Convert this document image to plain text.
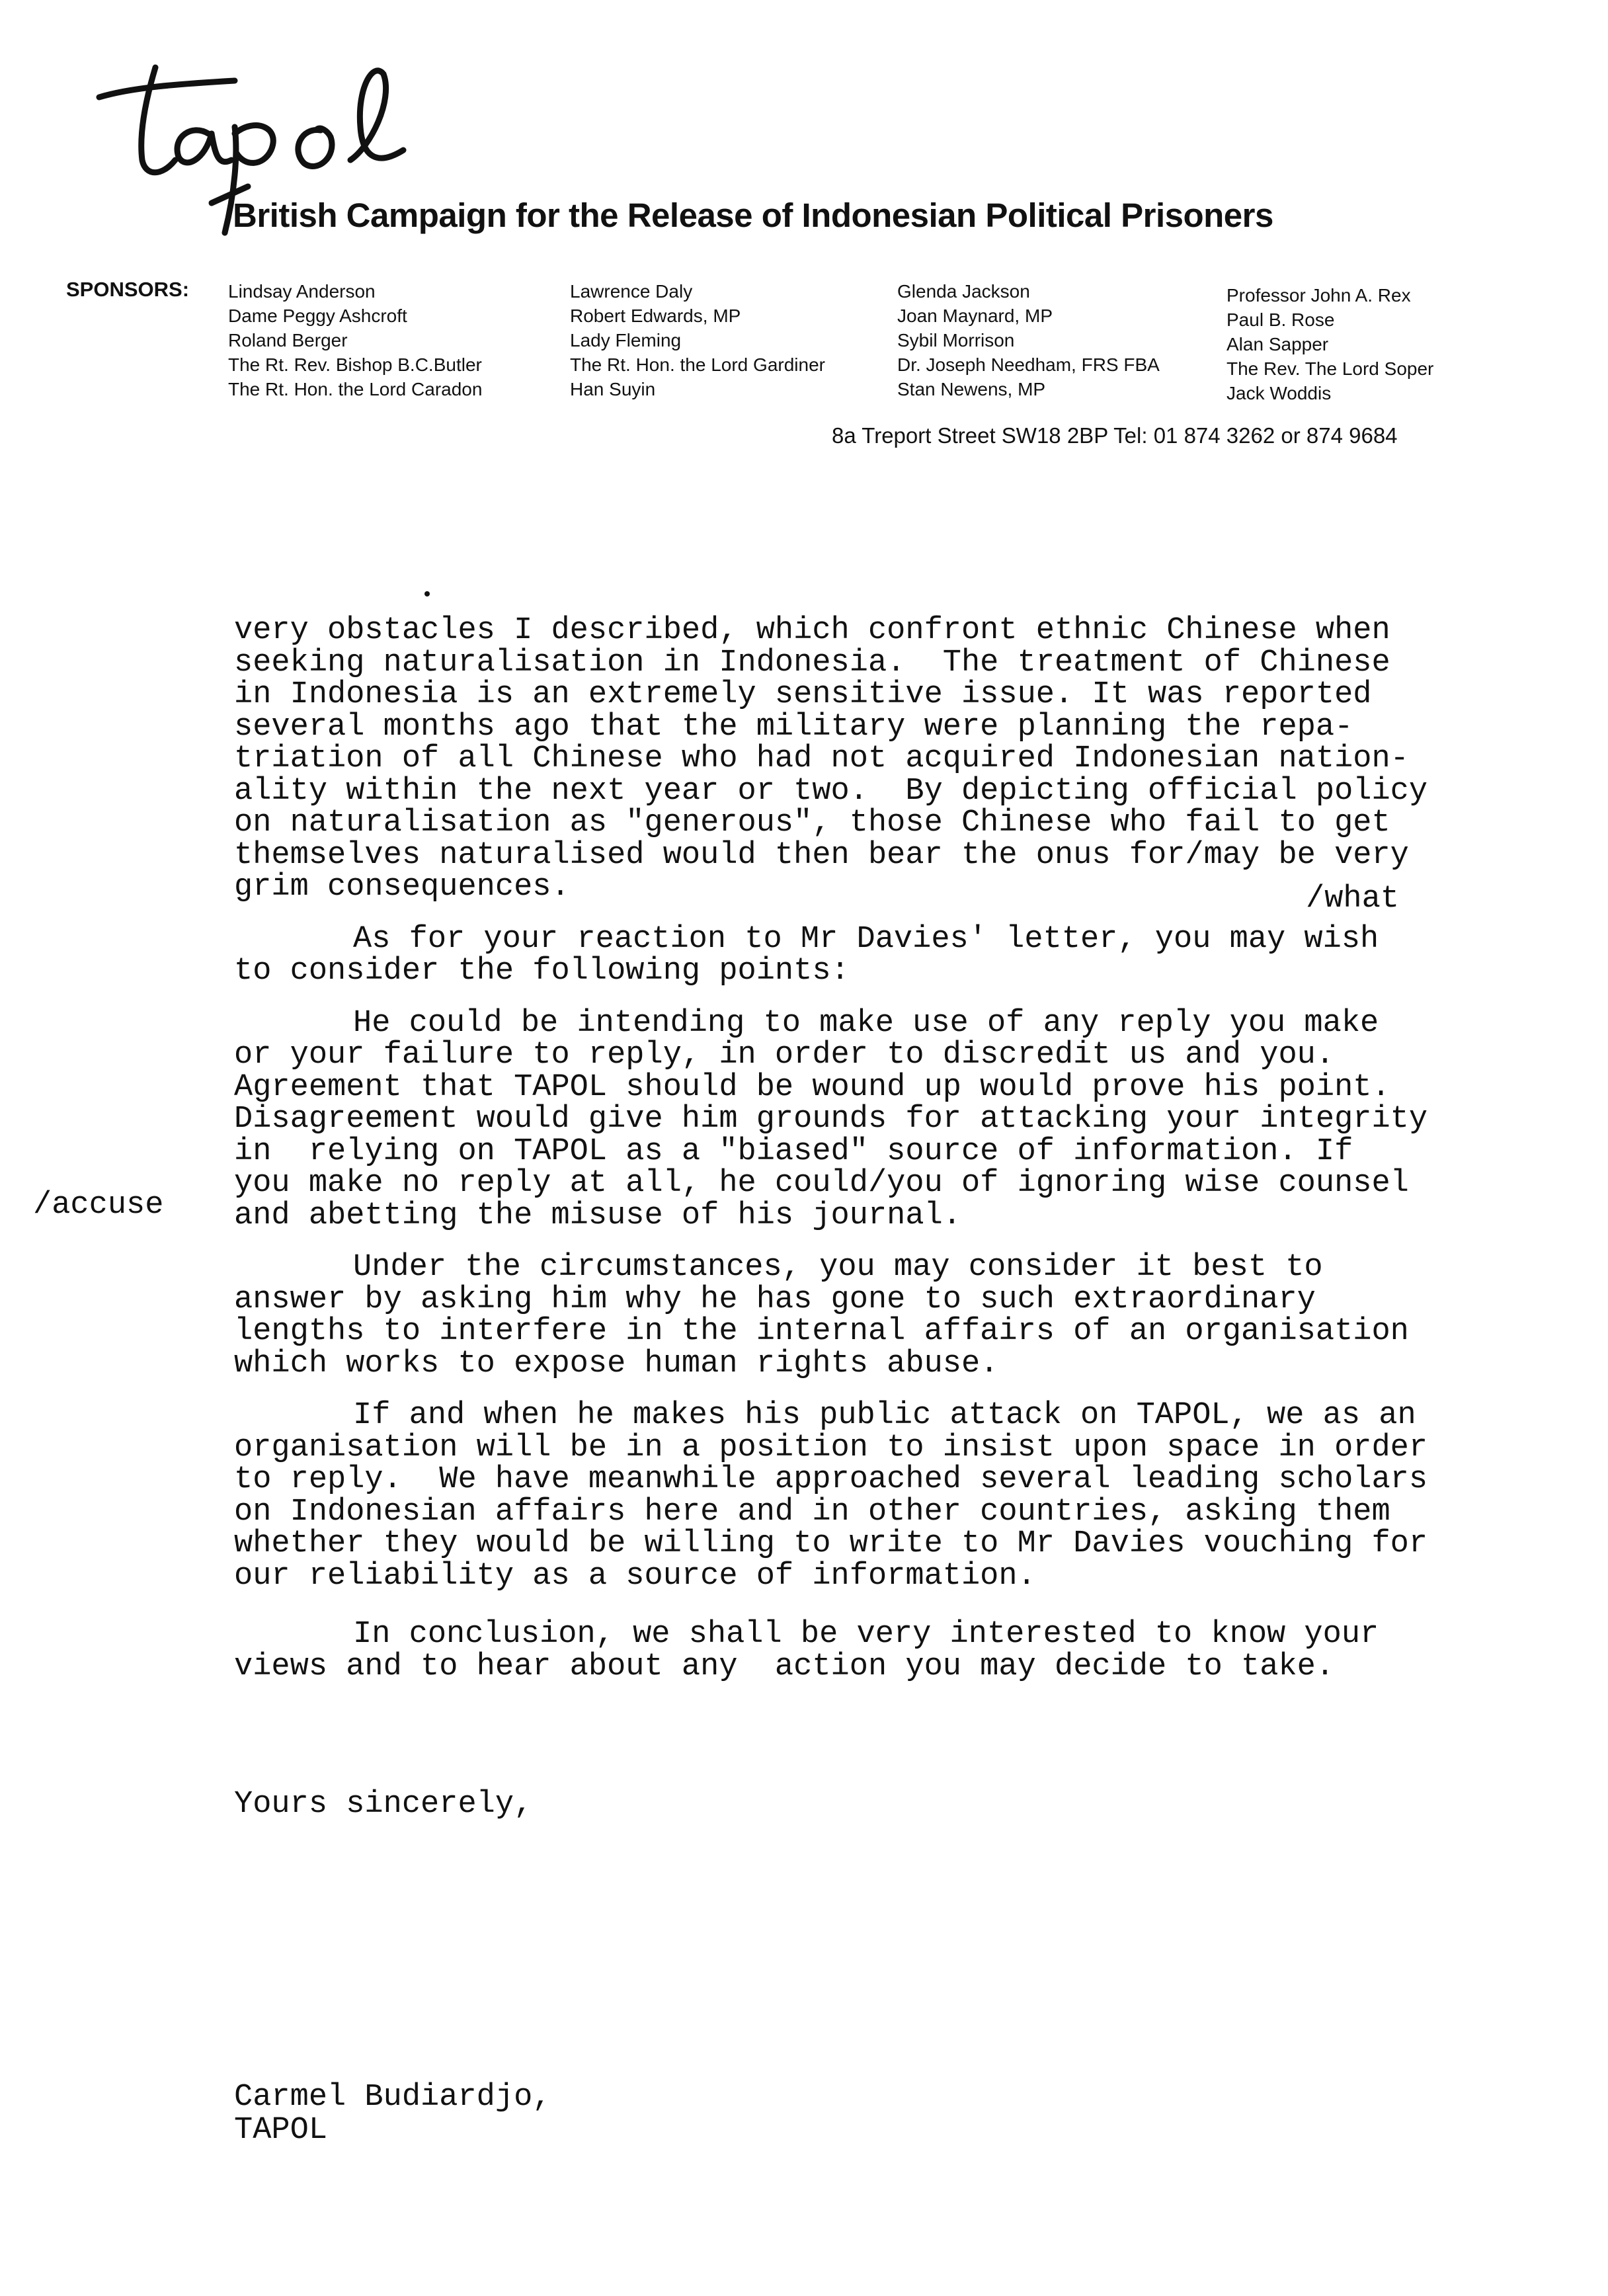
British Campaign for the Release of Indonesian Political Prisoners
SPONSORS: Lindsay Anderson
Dame Peggy Ashcroft
Roland Berger
The Rt. Rev. Bishop B.C.Butler
The Rt. Hon. the Lord Caradon
Lawrence Daly
Robert Edwards, MP
Lady Fleming
The Rt. Hon. the Lord Gardiner
Han Suyin
Glenda Jackson
Joan Maynard, MP
Sybil Morrison
Dr. Joseph Needham, FRS FBA
Stan Newens, MP
Professor John A. Rex
Paul B. Rose
Alan Sapper
The Rev. The Lord Soper
Jack Woddis
8a Treport Street SW18 2BP Tel: 01 874 3262 or 874 9684
very obstacles I described, which confront ethnic Chinese when
seeking naturalisation in Indonesia.  The treatment of Chinese
in Indonesia is an extremely sensitive issue. It was reported
several months ago that the military were planning the repa-
triation of all Chinese who had not acquired Indonesian nation-
ality within the next year or two.  By depicting official policy
on naturalisation as "generous", those Chinese who fail to get
themselves naturalised would then bear the onus for/may be very
grim consequences.
As for your reaction to Mr Davies' letter, you may wish
to consider the following points:
He could be intending to make use of any reply you make
or your failure to reply, in order to discredit us and you.
Agreement that TAPOL should be wound up would prove his point.
Disagreement would give him grounds for attacking your integrity
in  relying on TAPOL as a "biased" source of information. If
you make no reply at all, he could/you of ignoring wise counsel
and abetting the misuse of his journal.
Under the circumstances, you may consider it best to
answer by asking him why he has gone to such extraordinary
lengths to interfere in the internal affairs of an organisation
which works to expose human rights abuse.
If and when he makes his public attack on TAPOL, we as an
organisation will be in a position to insist upon space in order
to reply.  We have meanwhile approached several leading scholars
on Indonesian affairs here and in other countries, asking them
whether they would be willing to write to Mr Davies vouching for
our reliability as a source of information.
In conclusion, we shall be very interested to know your
views and to hear about any  action you may decide to take.
/what
/accuse
Yours sincerely,
Carmel Budiardjo,
TAPOL
